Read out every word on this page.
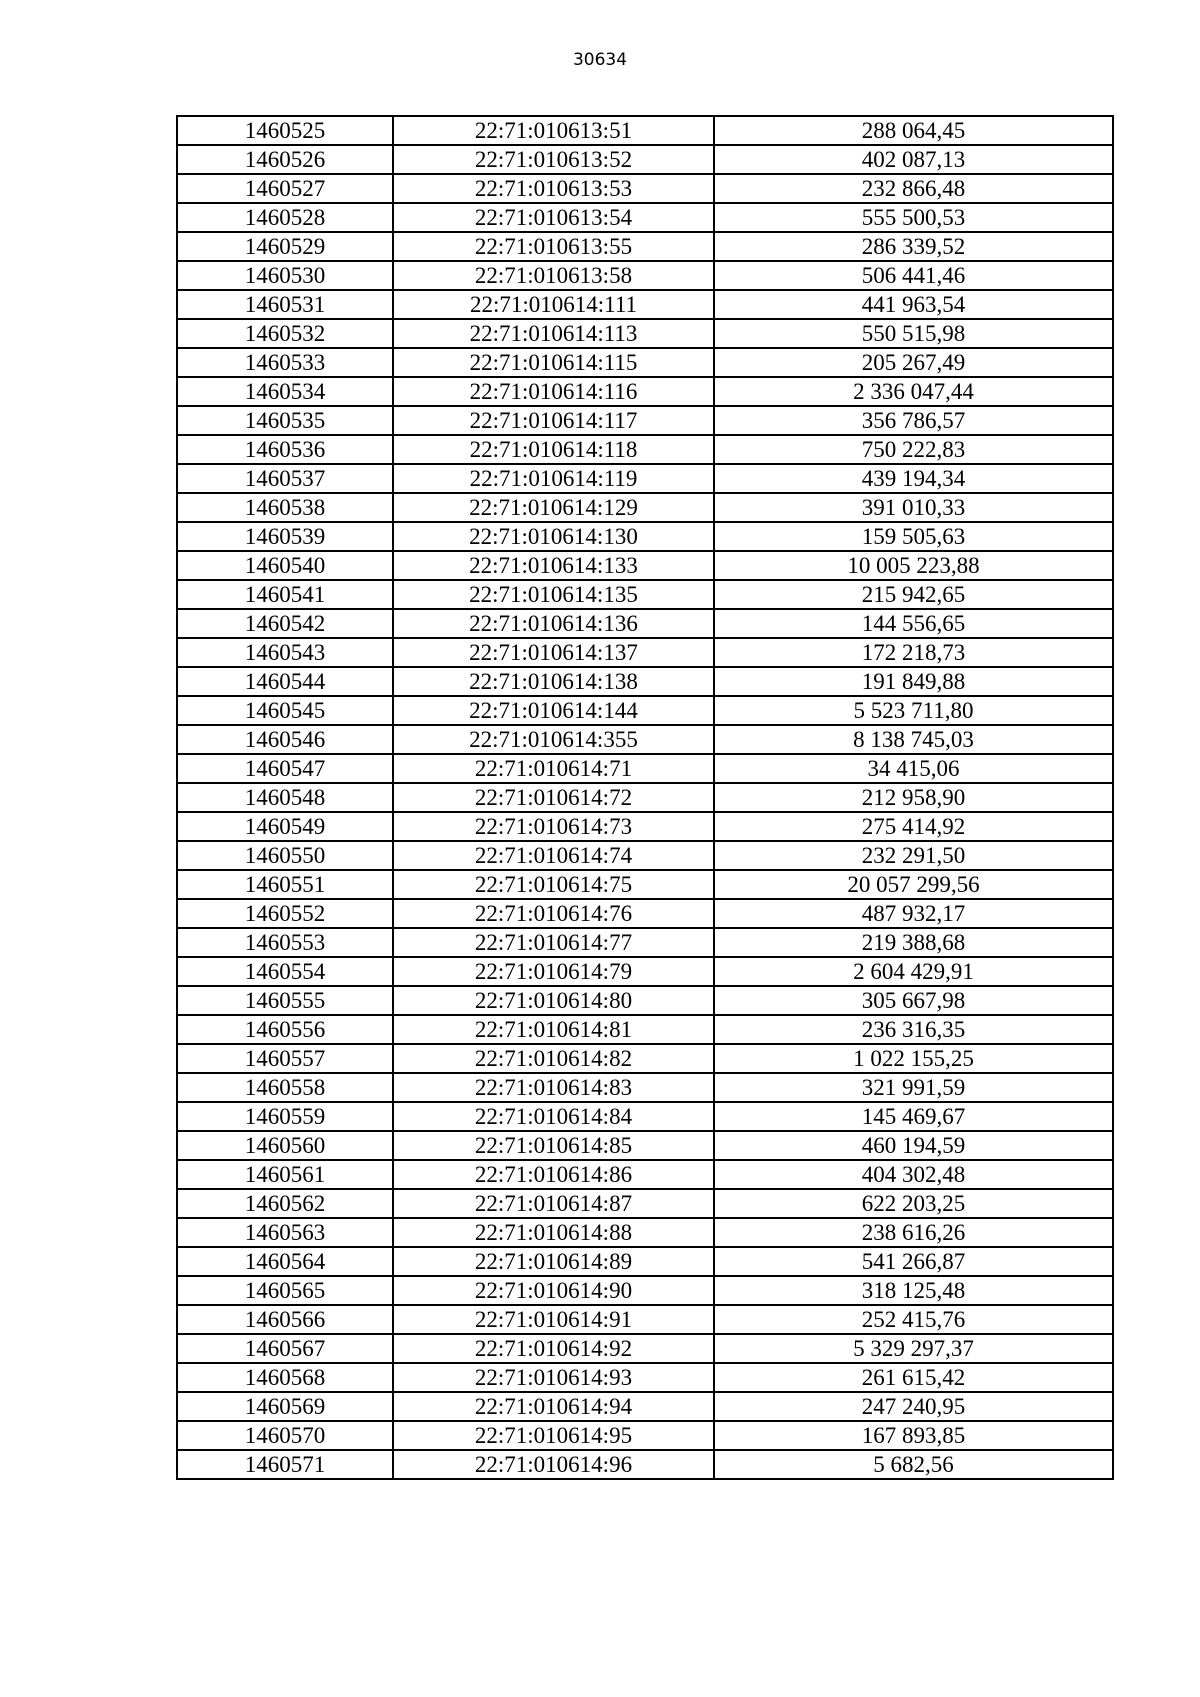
30634
1460525	22:71:010613:51	288 064,45
1460526	22:71:010613:52	402 087,13
1460527	22:71:010613:53	232 866,48
1460528	22:71:010613:54	555 500,53
1460529	22:71:010613:55	286 339,52
1460530	22:71:010613:58	506 441,46
1460531	22:71:010614:111	441 963,54
1460532	22:71:010614:113	550 515,98
1460533	22:71:010614:115	205 267,49
1460534	22:71:010614:116	2 336 047,44
1460535	22:71:010614:117	356 786,57
1460536	22:71:010614:118	750 222,83
1460537	22:71:010614:119	439 194,34
1460538	22:71:010614:129	391 010,33
1460539	22:71:010614:130	159 505,63
1460540	22:71:010614:133	10 005 223,88
1460541	22:71:010614:135	215 942,65
1460542	22:71:010614:136	144 556,65
1460543	22:71:010614:137	172 218,73
1460544	22:71:010614:138	191 849,88
1460545	22:71:010614:144	5 523 711,80
1460546	22:71:010614:355	8 138 745,03
1460547	22:71:010614:71	34 415,06
1460548	22:71:010614:72	212 958,90
1460549	22:71:010614:73	275 414,92
1460550	22:71:010614:74	232 291,50
1460551	22:71:010614:75	20 057 299,56
1460552	22:71:010614:76	487 932,17
1460553	22:71:010614:77	219 388,68
1460554	22:71:010614:79	2 604 429,91
1460555	22:71:010614:80	305 667,98
1460556	22:71:010614:81	236 316,35
1460557	22:71:010614:82	1 022 155,25
1460558	22:71:010614:83	321 991,59
1460559	22:71:010614:84	145 469,67
1460560	22:71:010614:85	460 194,59
1460561	22:71:010614:86	404 302,48
1460562	22:71:010614:87	622 203,25
1460563	22:71:010614:88	238 616,26
1460564	22:71:010614:89	541 266,87
1460565	22:71:010614:90	318 125,48
1460566	22:71:010614:91	252 415,76
1460567	22:71:010614:92	5 329 297,37
1460568	22:71:010614:93	261 615,42
1460569	22:71:010614:94	247 240,95
1460570	22:71:010614:95	167 893,85
1460571	22:71:010614:96	5 682,56
